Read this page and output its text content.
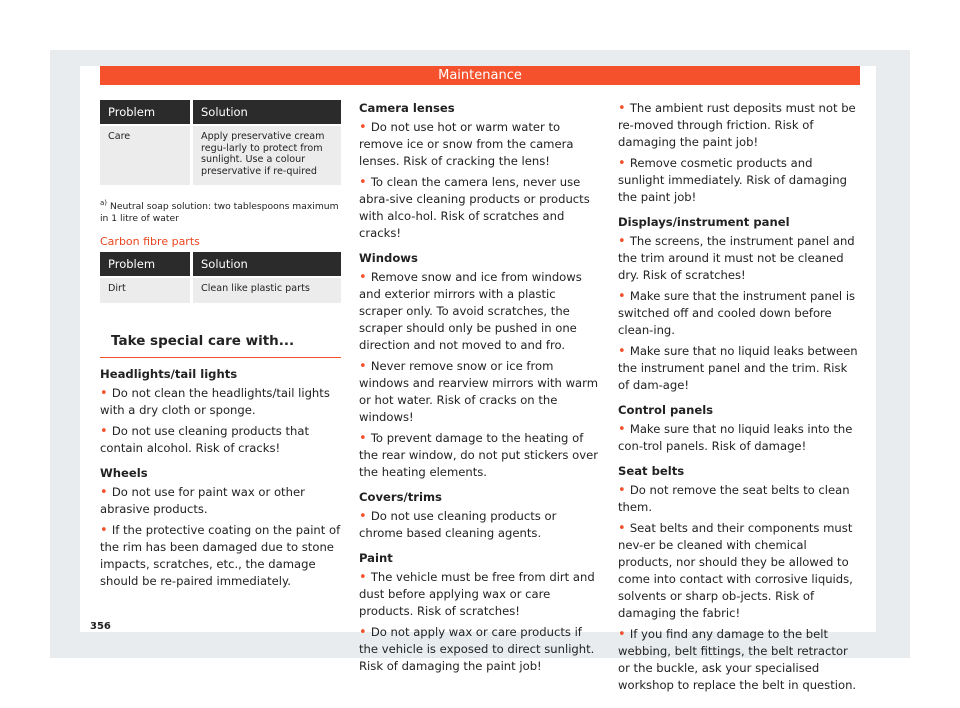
Maintenance
Problem	Solution
Care	Apply preservative cream regu-larly to protect from sunlight. Use a colour preservative if re-quired

$^{a)}$ Neutral soap solution: two tablespoons maximum in 1 litre of water

Carbon fibre parts
Problem	Solution
Dirt	Clean like plastic parts
Take special care with...
Headlights/tail lights
• Do not clean the headlights/tail lights with a dry cloth or sponge.
• Do not use cleaning products that contain alcohol. Risk of cracks!
Wheels
• Do not use for paint wax or other abrasive products.
• If the protective coating on the paint of the rim has been damaged due to stone impacts, scratches, etc., the damage should be re-paired immediately.
Camera lenses
• Do not use hot or warm water to remove ice or snow from the camera lenses. Risk of cracking the lens!
• To clean the camera lens, never use abra-sive cleaning products or products with alco-hol. Risk of scratches and cracks!
Windows
• Remove snow and ice from windows and exterior mirrors with a plastic scraper only. To avoid scratches, the scraper should only be pushed in one direction and not moved to and fro.
• Never remove snow or ice from windows and rearview mirrors with warm or hot water. Risk of cracks on the windows!
• To prevent damage to the heating of the rear window, do not put stickers over the heating elements.
Covers/trims
• Do not use cleaning products or chrome based cleaning agents.
Paint
• The vehicle must be free from dirt and dust before applying wax or care products. Risk of scratches!
• Do not apply wax or care products if the vehicle is exposed to direct sunlight. Risk of damaging the paint job!
• The ambient rust deposits must not be re-moved through friction. Risk of damaging the paint job!
• Remove cosmetic products and sunlight immediately. Risk of damaging the paint job!
Displays/instrument panel
• The screens, the instrument panel and the trim around it must not be cleaned dry. Risk of scratches!
• Make sure that the instrument panel is switched off and cooled down before clean-ing.
• Make sure that no liquid leaks between the instrument panel and the trim. Risk of dam-age!
Control panels
• Make sure that no liquid leaks into the con-trol panels. Risk of damage!
Seat belts
• Do not remove the seat belts to clean them.
• Seat belts and their components must nev-er be cleaned with chemical products, nor should they be allowed to come into contact with corrosive liquids, solvents or sharp ob-jects. Risk of damaging the fabric!
• If you find any damage to the belt webbing, belt fittings, the belt retractor or the buckle, ask your specialised workshop to replace the belt in question.
356
